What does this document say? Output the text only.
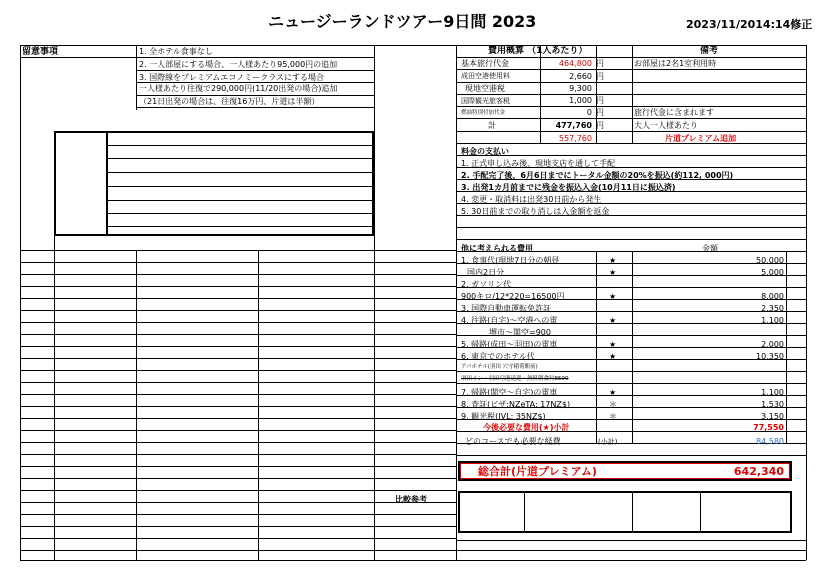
ニュージーランドツアー9日間 2023	2023/11/2014:14修正
留意事項	1. 全ホテル食事なし
2. 一人部屋にする場合、一人様あたり95,000円の追加
3. 国際線をプレミアムエコノミークラスにする場合
一人様あたり往復で290,000円(11/20出発の場合)追加
（21日出発の場合は、往復16万円、片道は半額）
費用概算 （1人あたり）	備考
基本旅行代金	464,800 円	お部屋は2名1室利用時
成田空港使用料	2,660 円
現地空港税	9,300
国際観光旅客税	1,000 円
燃油特別付加代金	0 円	旅行代金に含まれます
計	477,760 円	大人一人様あたり
557,760	片道プレミアム追加
料金の支払い
1. 正式申し込み後、現地支店を通して手配
2. 手配完了後、6月6日までにトータル金額の20%を振込(約112, 000円)
3. 出発1カ月前までに残金を振込入金(10月11日に振込済)
4. 変更・取消料は出発30日前から発生
5. 30日前までの取り消しは入金額を返金
他に考えられる費用	金額
1. 食事代(現地7日分の朝昼	★	50,000
国内2日分	★	5,000
2. ガソリン代
900キロ/12*220=16500円	★	8,000
3. 国際自動車運転免許証	2,350
4. 往路(自宅)～空港への電	★	1,100
堺市～関空=900
5. 帰路(成田～羽田)の電車	★	2,000
6. 東京でのホテル代	★	10,350
アパホテル(羽田 穴守稲荷駅前)
羽田イン・羽田空港送迎・無料朝食付8590
7. 帰路(関空～自宅)の電車	★	1,100
8. 査証(ビザ:NZeTA: 17NZ$)	＊	1,530
9. 観光税(IVL: 35NZ$)	＊	3,150
今後必要な費用(★)小計	77,550
どのコースでも必要な経費	(小計)	84,580
総合計(片道プレミアム)	642,340
比較参考
